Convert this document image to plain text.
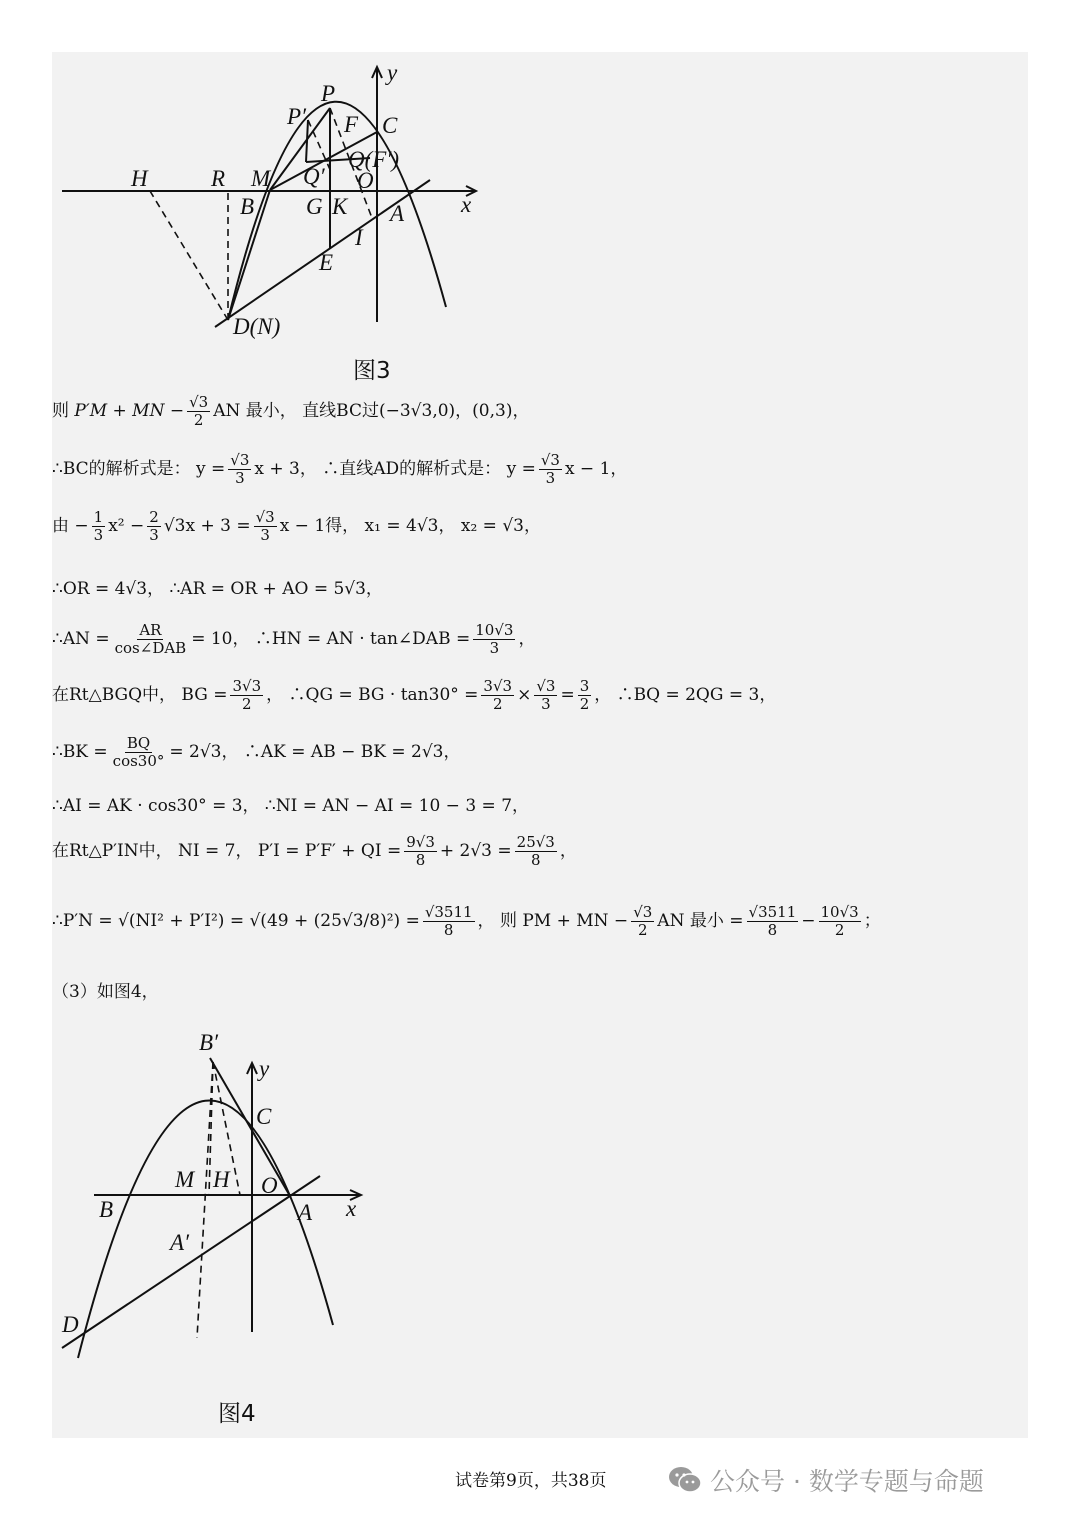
P
P′ F C
Q(F′)
Q′
H	R M	O
B G K A x
y
I
E
D(N)
图3
则
P′M + MN − $\frac{√3}{2}$ AN 最小， 直线BC过(−3√3,0)，(0,3)，
∴BC的解析式是： $y = \frac{√3}{3}$ x + 3， ∴直线AD的解析式是： $y = \frac{√3}{3}$ x − 1，
由 − $\frac{1}{3} x^2 - \frac{2}{3} √3x + 3 = \frac{√3}{3}$ x − 1得， x₁ = 4√3， x₂ = √3，
∴OR = 4√3， ∴AR = OR + AO = 5√3，
∴AN = $\frac{AR}{\text{cos∠DAB}} = 10$， ∴HN = AN · tan∠DAB = $\frac{10√3}{3}$ ，
在Rt△BGQ中， BG = $\frac{3√3}{2}$ ， ∴QG = BG · $\tan 30^\circ = \frac{3√3}{2} \times \frac{√3}{3} = \frac{3}{2}$ ， ∴BQ = 2QG = 3，
∴BK = $\frac{BQ}{\cos 30^\circ} = 2√3$， ∴AK = AB − BK = 2√3，
∴AI = AK · cos30° = 3， ∴NI = AN − AI = 10 − 3 = 7，
在Rt△P′IN中， NI = 7， P′I = P′F′ + QI = $\frac{9√3}{8} + 2√3 = \frac{25√3}{8}$ ，
∴P′N = $√(NI^2 + P'I^2) = √(49 + (25√3/8)^2) = \frac{√3511}{8}$ ， 则 PM + MN − $\frac{√3}{2}$ AN 最小 = $\frac{√3511}{8} - \frac{10√3}{2}$ ；
（3）如图4，
B′
y
C
M H O
B	A x
A′
D
图4
试卷第9页，共38页	公众号 · 数学专题与命题
